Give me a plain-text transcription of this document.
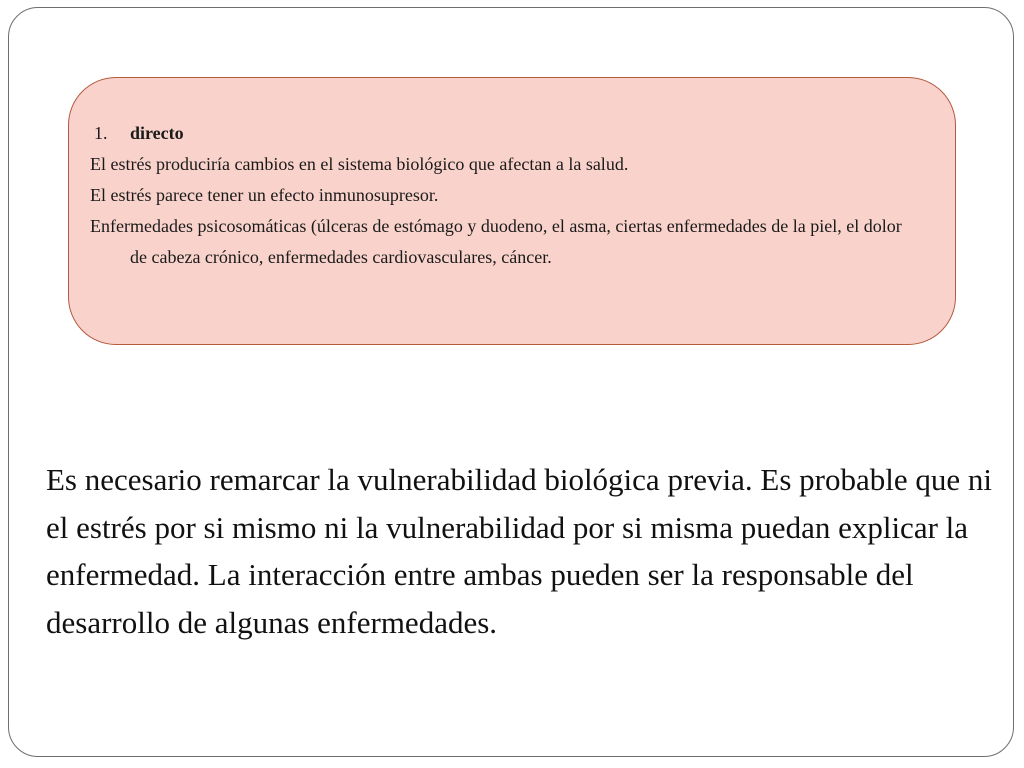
1.	directo

El estrés produciría cambios en el sistema biológico que afectan a la salud.

El estrés parece tener un efecto inmunosupresor.

Enfermedades psicosomáticas (úlceras de estómago y duodeno, el asma, ciertas enfermedades de la piel, el dolor de cabeza crónico, enfermedades cardiovasculares, cáncer.

Es necesario remarcar la vulnerabilidad biológica previa. Es probable que ni el estrés por si mismo ni la vulnerabilidad por si misma puedan explicar la enfermedad. La interacción entre ambas pueden ser la responsable del desarrollo de algunas enfermedades.
